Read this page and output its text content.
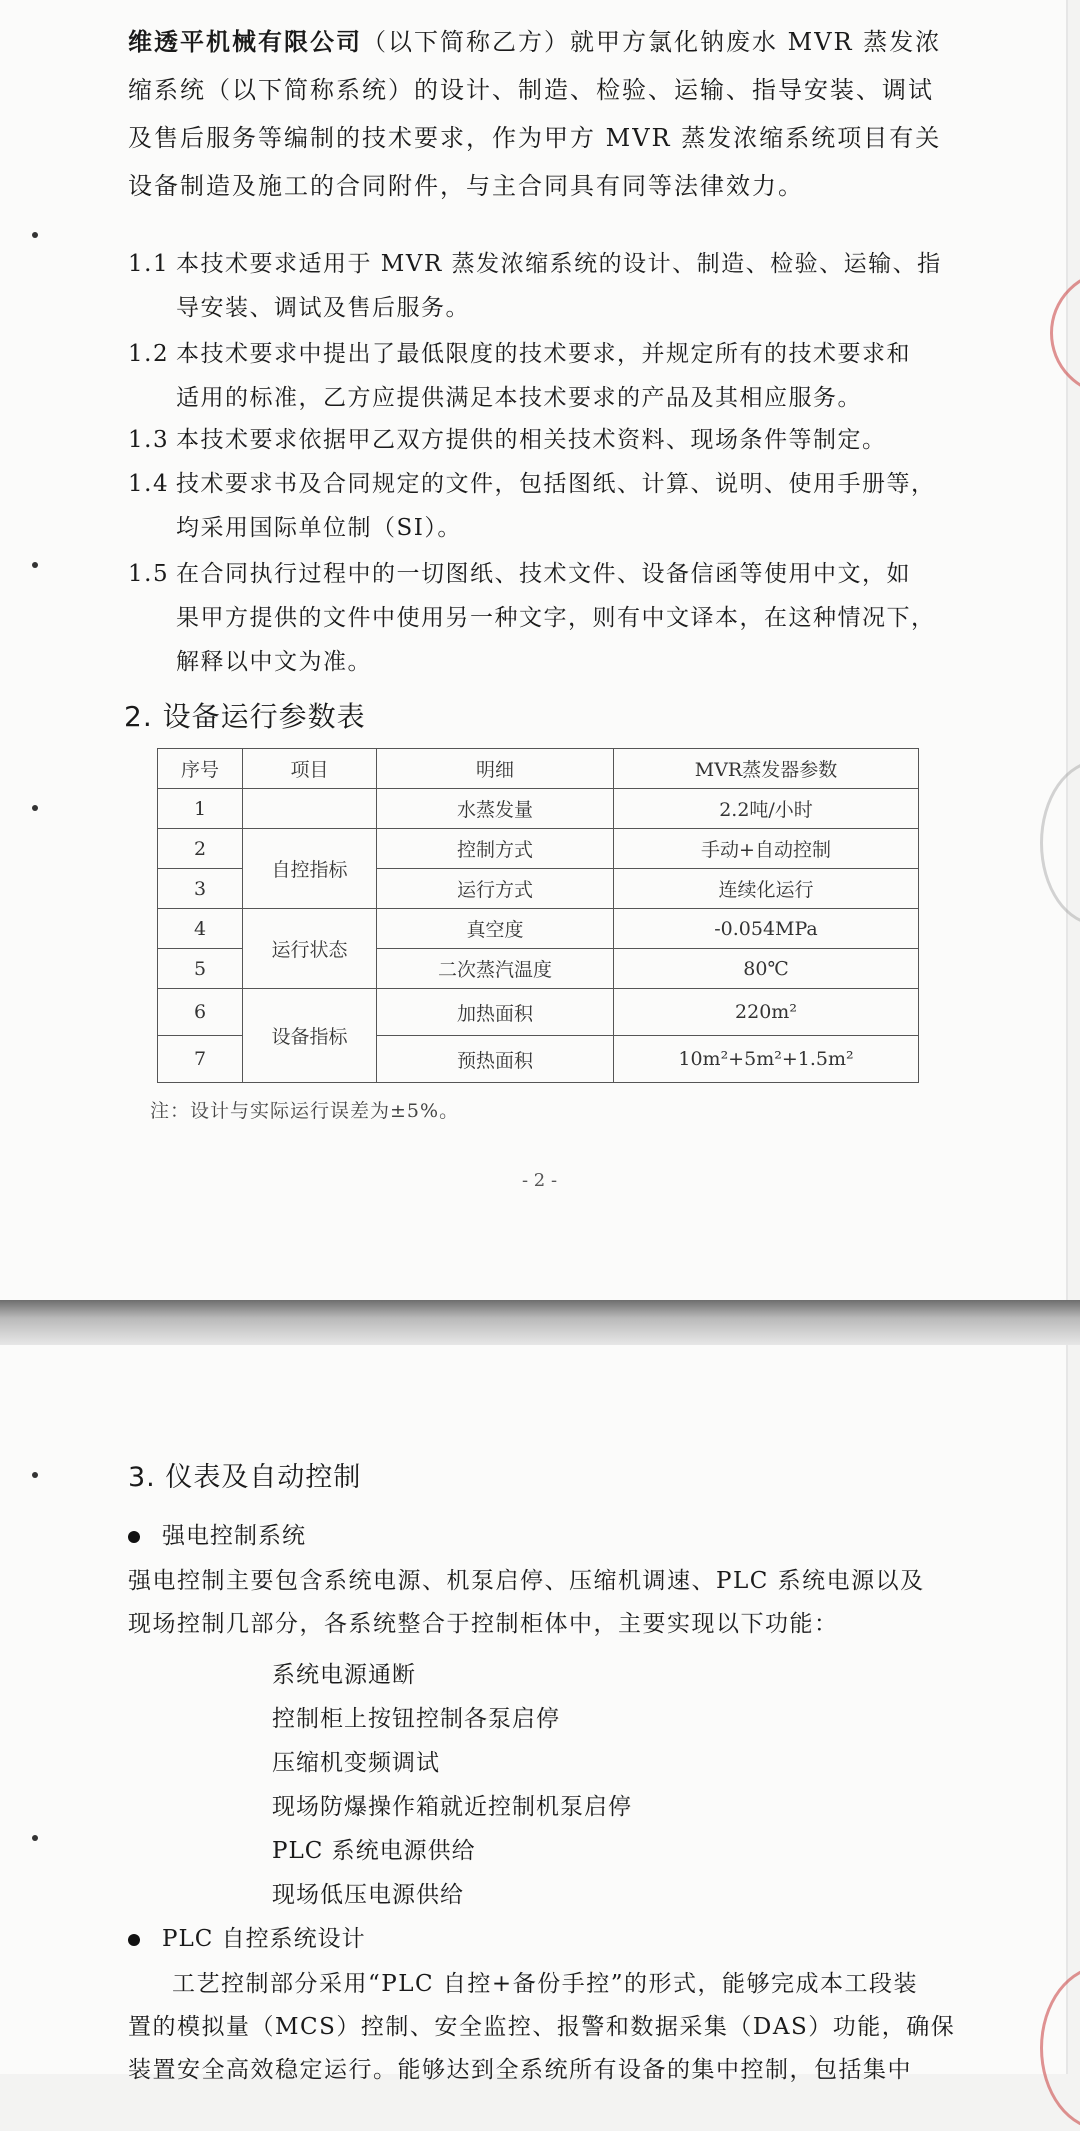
维透平机械有限公司（以下简称乙方）就甲方氯化钠废水 MVR 蒸发浓缩系统（以下简称系统）的设计、制造、检验、运输、指导安装、调试及售后服务等编制的技术要求，作为甲方 MVR 蒸发浓缩系统项目有关设备制造及施工的合同附件，与主合同具有同等法律效力。
1.1 本技术要求适用于 MVR 蒸发浓缩系统的设计、制造、检验、运输、指
导安装、调试及售后服务。
1.2 本技术要求中提出了最低限度的技术要求，并规定所有的技术要求和
适用的标准，乙方应提供满足本技术要求的产品及其相应服务。
1.3 本技术要求依据甲乙双方提供的相关技术资料、现场条件等制定。
1.4 技术要求书及合同规定的文件，包括图纸、计算、说明、使用手册等，
均采用国际单位制（SI）。
1.5 在合同执行过程中的一切图纸、技术文件、设备信函等使用中文，如
果甲方提供的文件中使用另一种文字，则有中文译本，在这种情况下，
解释以中文为准。
2. 设备运行参数表
序号	项目	明细	MVR蒸发器参数
1		水蒸发量	2.2吨/小时
2	自控指标	控制方式	手动+自动控制
3		运行方式	连续化运行
4	运行状态	真空度	-0.054MPa
5		二次蒸汽温度	80℃
6	设备指标	加热面积	220m²
7		预热面积	10m²+5m²+1.5m²
注：设计与实际运行误差为±5%。
- 2 -
3. 仪表及自动控制
强电控制系统
强电控制主要包含系统电源、机泵启停、压缩机调速、PLC 系统电源以及
现场控制几部分，各系统整合于控制柜体中，主要实现以下功能：
系统电源通断
控制柜上按钮控制各泵启停
压缩机变频调试
现场防爆操作箱就近控制机泵启停
PLC 系统电源供给
现场低压电源供给
PLC 自控系统设计
工艺控制部分采用“PLC 自控+备份手控”的形式，能够完成本工段装
置的模拟量（MCS）控制、安全监控、报警和数据采集（DAS）功能，确保
装置安全高效稳定运行。能够达到全系统所有设备的集中控制，包括集中
